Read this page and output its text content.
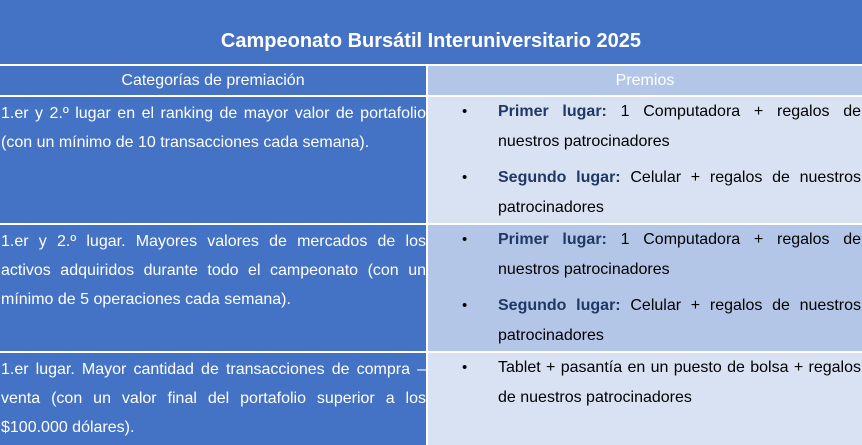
Campeonato Bursátil Interuniversitario 2025
Categorías de premiación	Premios
1.er y 2.º lugar en el ranking de mayor valor de portafolio (con un mínimo de 10 transacciones cada semana).
• Primer lugar: 1 Computadora + regalos de nuestros patrocinadores
• Segundo lugar: Celular + regalos de nuestros patrocinadores
1.er y 2.º lugar. Mayores valores de mercados de los activos adquiridos durante todo el campeonato (con un mínimo de 5 operaciones cada semana).
• Primer lugar: 1 Computadora + regalos de nuestros patrocinadores
• Segundo lugar: Celular + regalos de nuestros patrocinadores
1.er lugar. Mayor cantidad de transacciones de compra – venta (con un valor final del portafolio superior a los $100.000 dólares).
• Tablet + pasantía en un puesto de bolsa + regalos de nuestros patrocinadores
